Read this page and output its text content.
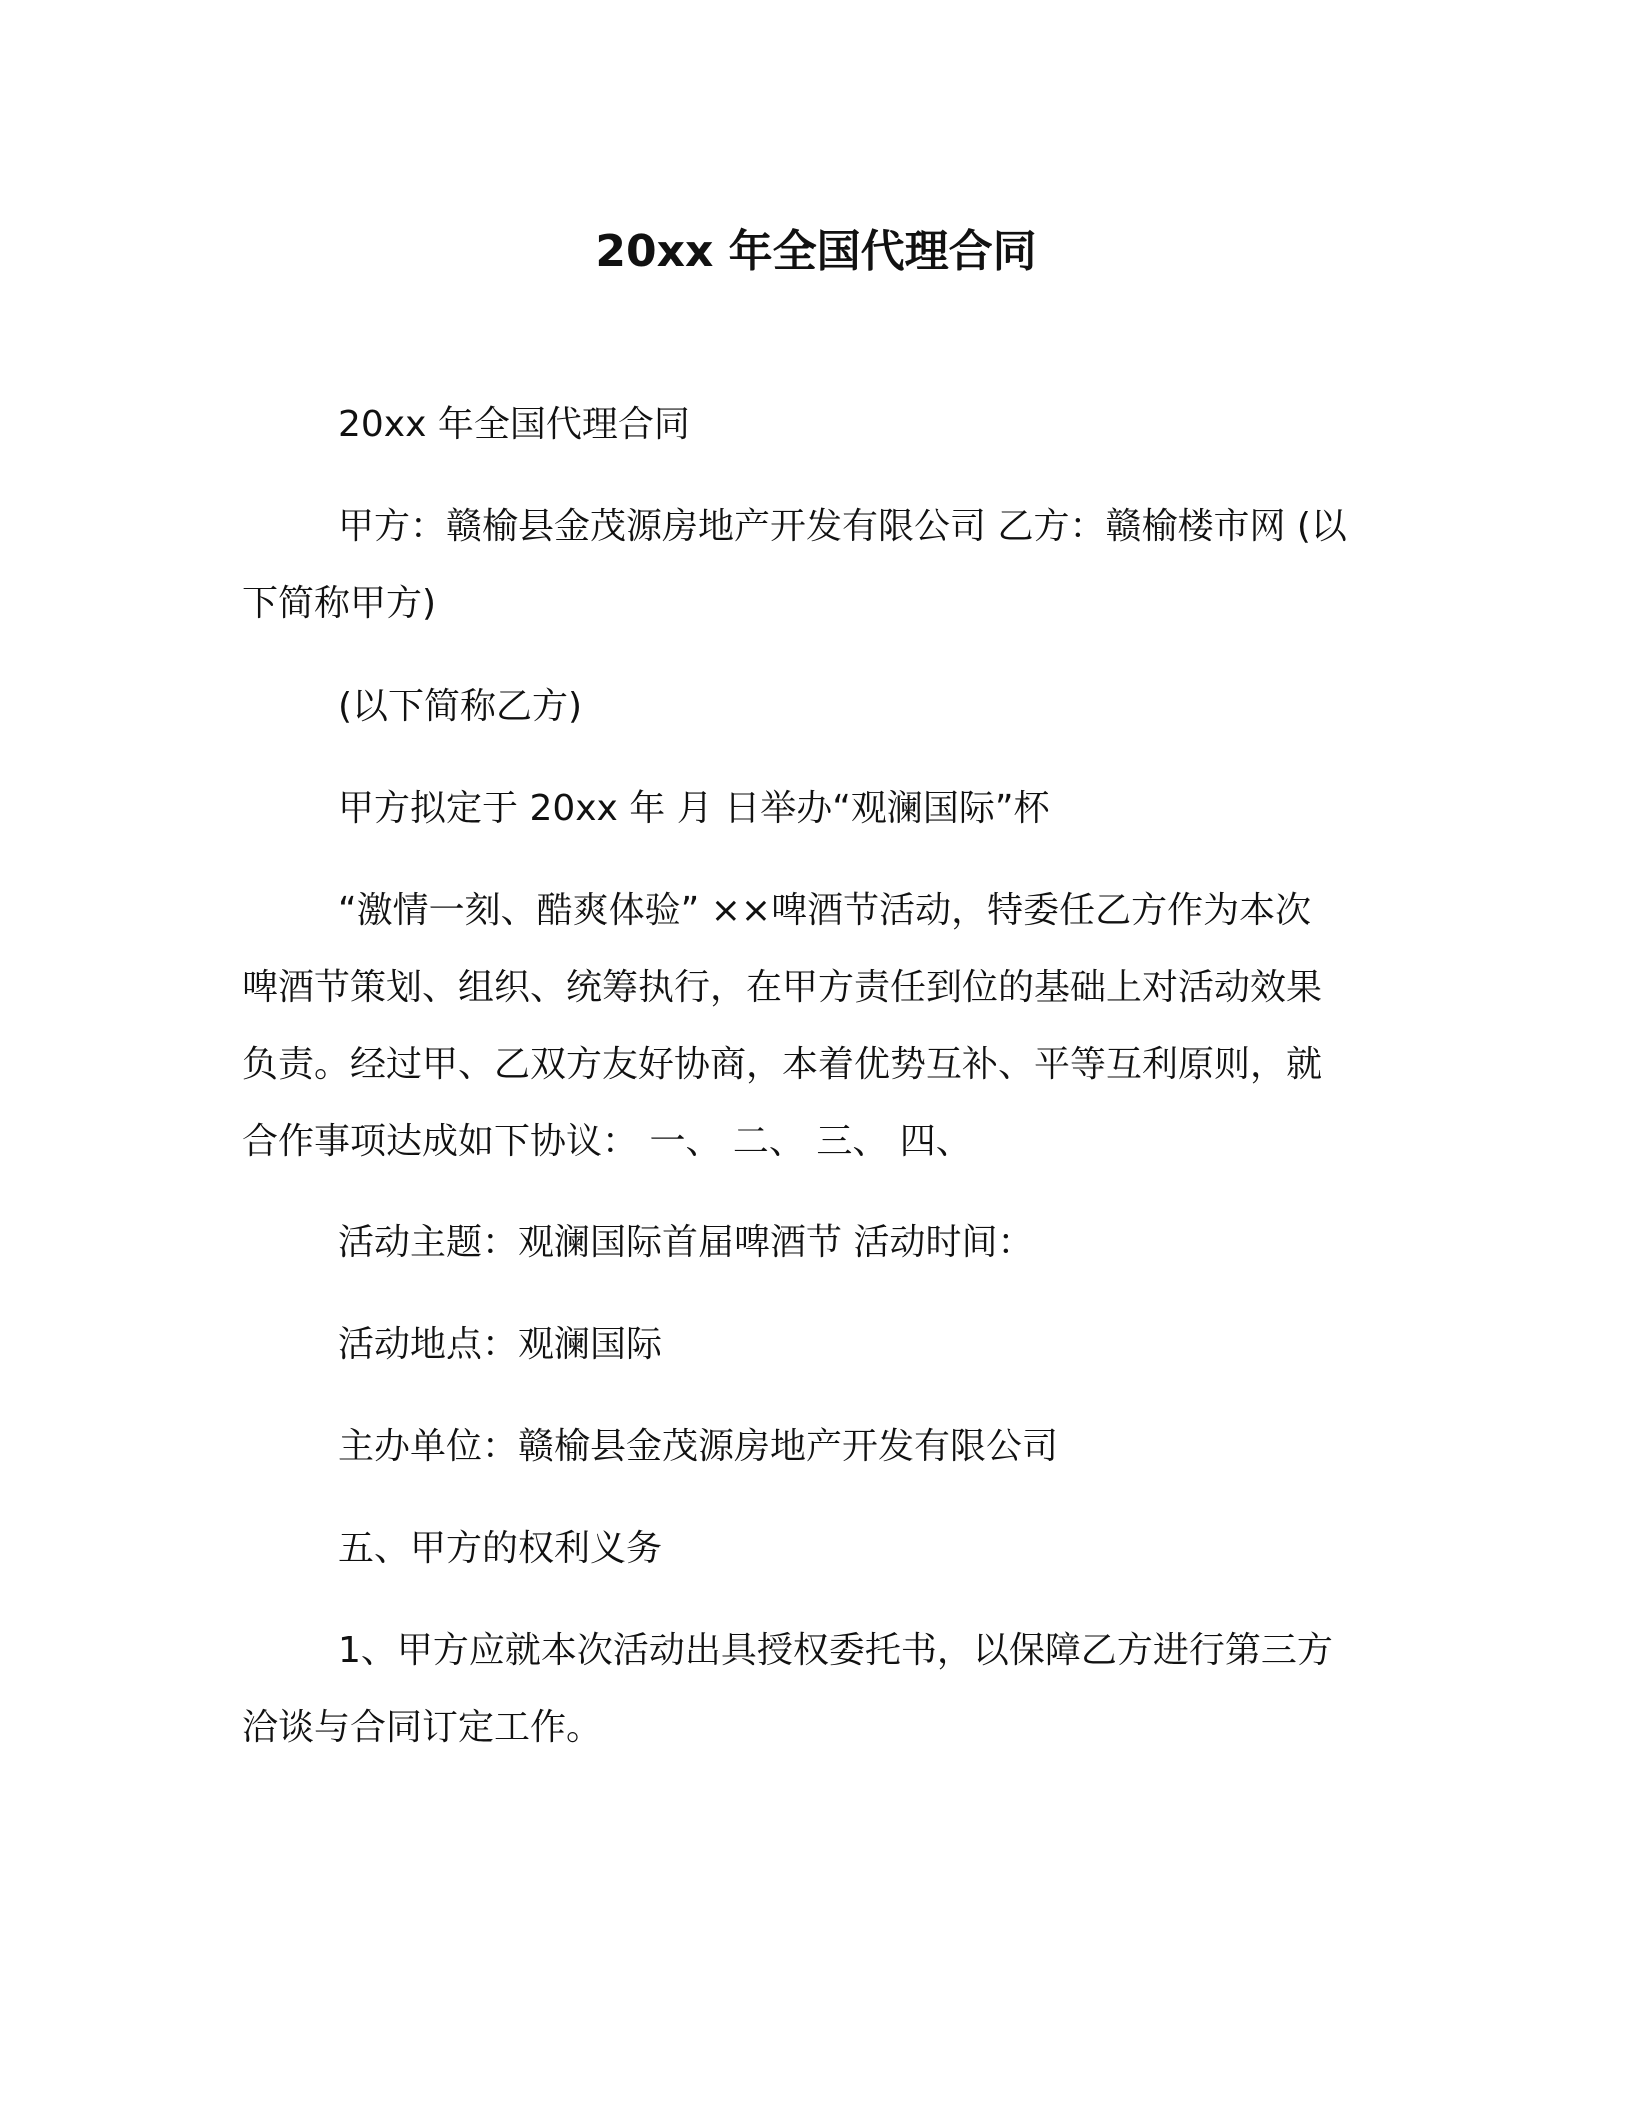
20xx 年全国代理合同
20xx 年全国代理合同
甲方：赣榆县金茂源房地产开发有限公司 乙方：赣榆楼市网 (以
下简称甲方)
(以下简称乙方)
甲方拟定于 20xx 年 月 日举办“观澜国际”杯
“激情一刻、酷爽体验” ××啤酒节活动，特委任乙方作为本次
啤酒节策划、组织、统筹执行，在甲方责任到位的基础上对活动效果
负责。经过甲、乙双方友好协商，本着优势互补、平等互利原则，就
合作事项达成如下协议： 一、 二、 三、 四、
活动主题：观澜国际首届啤酒节 活动时间：
活动地点：观澜国际
主办单位：赣榆县金茂源房地产开发有限公司
五、甲方的权利义务
1、甲方应就本次活动出具授权委托书，以保障乙方进行第三方
洽谈与合同订定工作。
